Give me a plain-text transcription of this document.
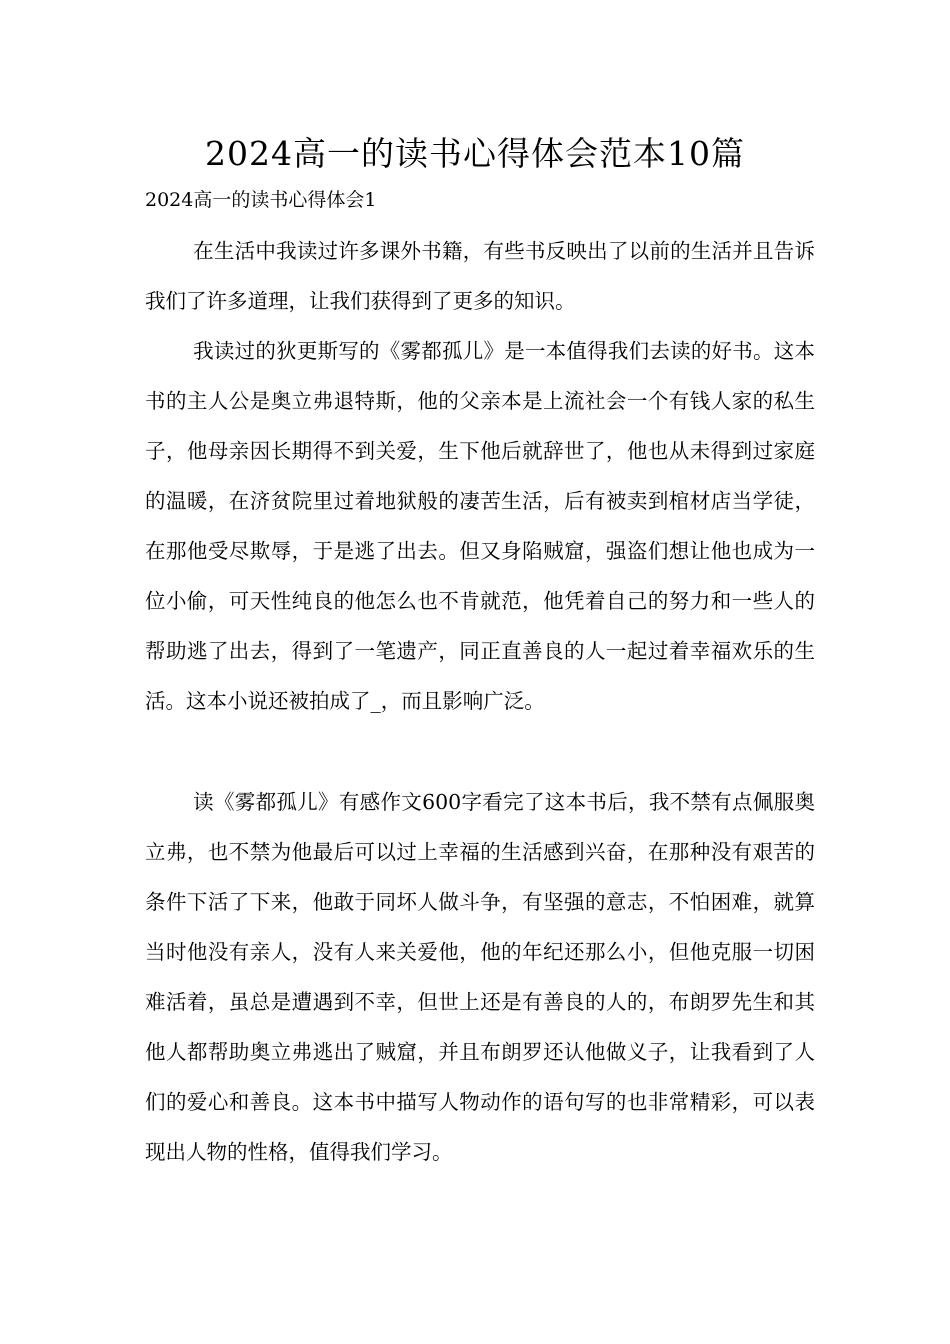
2024高一的读书心得体会范本10篇
2024高一的读书心得体会1

在生活中我读过许多课外书籍，有些书反映出了以前的生活并且告诉我们了许多道理，让我们获得到了更多的知识。

我读过的狄更斯写的《雾都孤儿》是一本值得我们去读的好书。这本书的主人公是奥立弗退特斯，他的父亲本是上流社会一个有钱人家的私生子，他母亲因长期得不到关爱，生下他后就辞世了，他也从未得到过家庭的温暖，在济贫院里过着地狱般的凄苦生活，后有被卖到棺材店当学徒，在那他受尽欺辱，于是逃了出去。但又身陷贼窟，强盗们想让他也成为一位小偷，可天性纯良的他怎么也不肯就范，他凭着自己的努力和一些人的帮助逃了出去，得到了一笔遗产，同正直善良的人一起过着幸福欢乐的生活。这本小说还被拍成了_，而且影响广泛。

读《雾都孤儿》有感作文600字看完了这本书后，我不禁有点佩服奥立弗，也不禁为他最后可以过上幸福的生活感到兴奋，在那种没有艰苦的条件下活了下来，他敢于同坏人做斗争，有坚强的意志，不怕困难，就算当时他没有亲人，没有人来关爱他，他的年纪还那么小，但他克服一切困难活着，虽总是遭遇到不幸，但世上还是有善良的人的，布朗罗先生和其他人都帮助奥立弗逃出了贼窟，并且布朗罗还认他做义子，让我看到了人们的爱心和善良。这本书中描写人物动作的语句写的也非常精彩，可以表现出人物的性格，值得我们学习。
